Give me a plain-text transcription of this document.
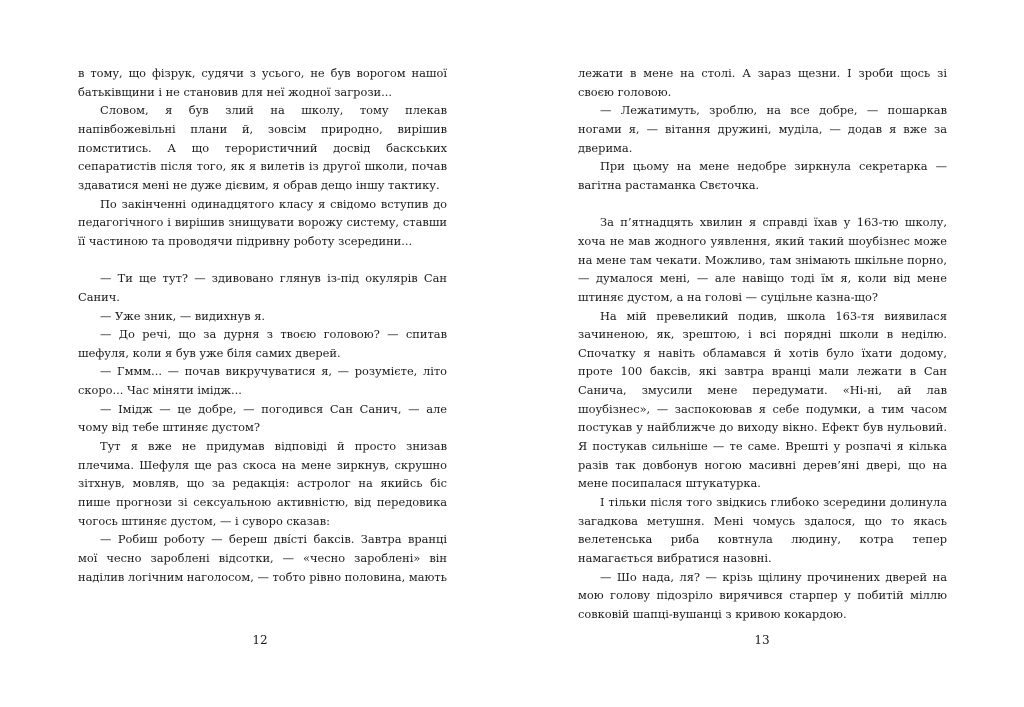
в тому, що фізрук, судячи з усього, не був ворогом нашої батьківщини і не становив для неї жодної загрози...

Словом, я був злий на школу, тому плекав напівбожевільні плани й, зовсім природно, вирішив помститись. А що терористичний досвід баскських сепаратистів після того, як я вилетів із другої школи, почав здаватися мені не дуже дієвим, я обрав дещо іншу тактику.

По закінченні одинадцятого класу я свідомо вступив до педагогічного і вирішив знищувати ворожу систему, ставши її частиною та проводячи підривну роботу зсередини...

— Ти ще тут? — здивовано глянув із-під окулярів Сан Санич.

— Уже зник, — видихнув я.

— До речі, що за дурня з твоєю головою? — спитав шефуля, коли я був уже біля самих дверей.

— Гммм... — почав викручуватися я, — розумієте, літо скоро... Час міняти імідж...

— Імідж — це добре, — погодився Сан Санич, — але чому від тебе штиняє дустом?

Тут я вже не придумав відповіді й просто знизав плечима. Шефуля ще раз скоса на мене зиркнув, скрушно зітхнув, мовляв, що за редакція: астролог на якийсь біс пише прогнози зі сексуальною активністю, від передовика чогось штиняє дустом, — і суворо сказав:

— Робиш роботу — береш дві́сті баксів. Завтра вранці мої чесно зароблені відсотки, — «чесно зароблені» він наділив логічним наголосом, — тобто рівно половина, мають

12

лежати в мене на столі. А зараз щезни. І зроби щось зі своєю головою.

— Лежатимуть, зроблю, на все добре, — пошаркав ногами я, — вітання дружині, муділа, — додав я вже за дверима.

При цьому на мене недобре зиркнула секретарка — вагітна растаманка Свєточка.

За п’ятнадцять хвилин я справді їхав у 163-тю школу, хоча не мав жодного уявлення, який такий шоубізнес може на мене там чекати. Можливо, там знімають шкільне порно, — думалося мені, — але навіщо тоді їм я, коли від мене штиняє дустом, а на голові — суцільне казна-що?

На мій превеликий подив, школа 163-тя виявилася зачиненою, як, зрештою, і всі порядні школи в неділю. Спочатку я навіть обламався й хотів було їхати додому, проте 100 баксів, які завтра вранці мали лежати в Сан Санича, змусили мене передумати. «Ні-ні, ай лав шоубізнес», — заспокоював я себе подумки, а тим часом постукав у найближче до виходу вікно. Ефект був нульовий. Я постукав сильніше — те саме. Врешті у розпачі я кілька разів так довбонув ногою масивні дерев’яні двері, що на мене посипалася штукатурка.

І тільки після того звідкись глибоко зсередини долинула загадкова метушня. Мені чомусь здалося, що то якась велетенська риба ковтнула людину, котра тепер намагається вибратися назовні.

— Шо нада, ля? — крізь щілину прочинених дверей на мою голову підозріло вирячився старпер у побитій міллю совковій шапці-вушанці з кривою кокардою.

13
